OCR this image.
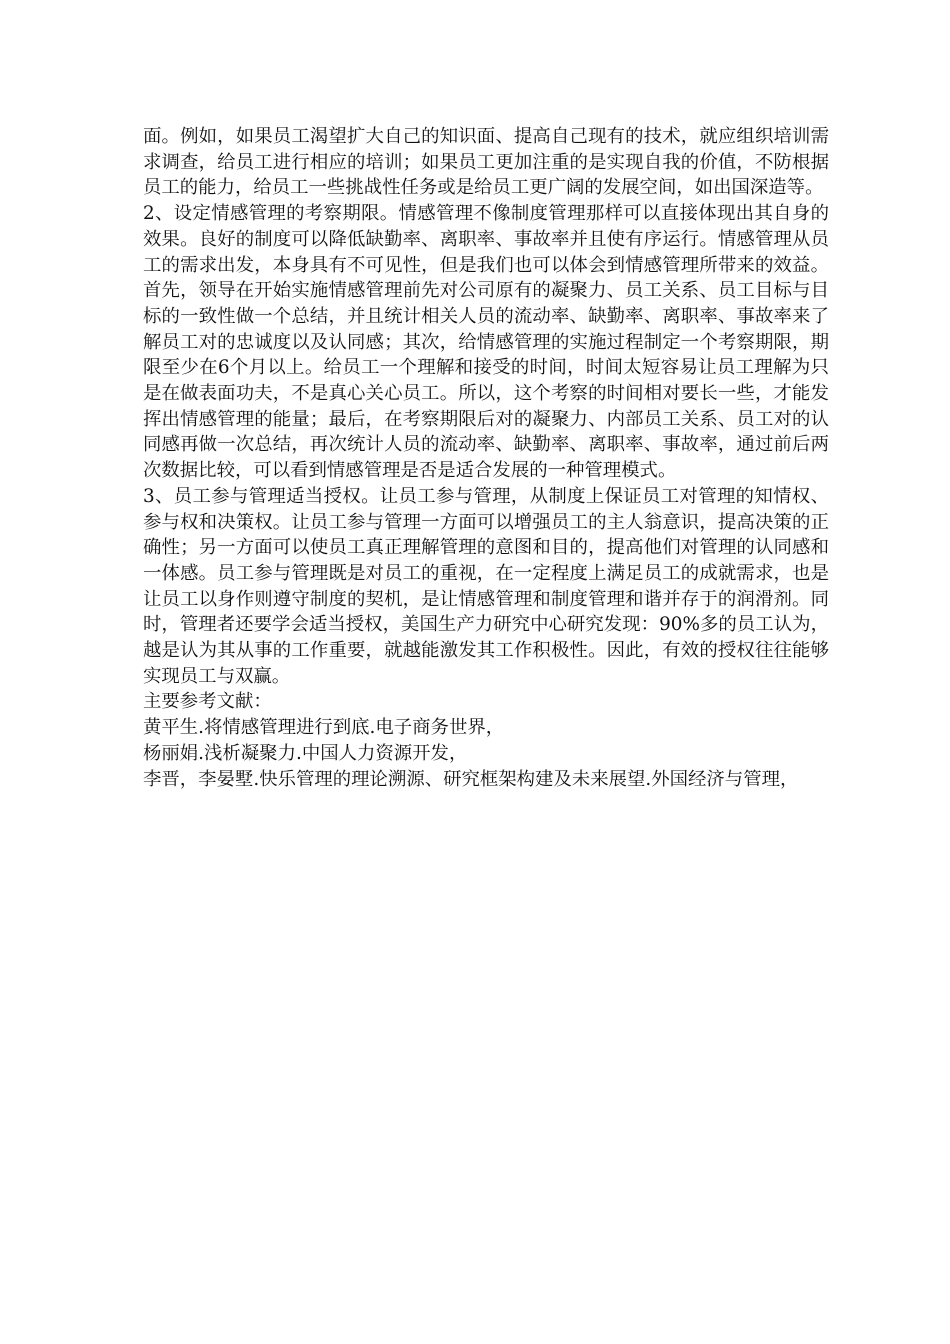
面。例如，如果员工渴望扩大自己的知识面、提高自己现有的技术，就应组织培训需求调查，给员工进行相应的培训；如果员工更加注重的是实现自我的价值，不防根据员工的能力，给员工一些挑战性任务或是给员工更广阔的发展空间，如出国深造等。

2、设定情感管理的考察期限。情感管理不像制度管理那样可以直接体现出其自身的效果。良好的制度可以降低缺勤率、离职率、事故率并且使有序运行。情感管理从员工的需求出发，本身具有不可见性，但是我们也可以体会到情感管理所带来的效益。首先，领导在开始实施情感管理前先对公司原有的凝聚力、员工关系、员工目标与目标的一致性做一个总结，并且统计相关人员的流动率、缺勤率、离职率、事故率来了解员工对的忠诚度以及认同感；其次，给情感管理的实施过程制定一个考察期限，期限至少在6个月以上。给员工一个理解和接受的时间，时间太短容易让员工理解为只是在做表面功夫，不是真心关心员工。所以，这个考察的时间相对要长一些，才能发挥出情感管理的能量；最后，在考察期限后对的凝聚力、内部员工关系、员工对的认同感再做一次总结，再次统计人员的流动率、缺勤率、离职率、事故率，通过前后两次数据比较，可以看到情感管理是否是适合发展的一种管理模式。

3、员工参与管理适当授权。让员工参与管理，从制度上保证员工对管理的知情权、参与权和决策权。让员工参与管理一方面可以增强员工的主人翁意识，提高决策的正确性；另一方面可以使员工真正理解管理的意图和目的，提高他们对管理的认同感和一体感。员工参与管理既是对员工的重视，在一定程度上满足员工的成就需求，也是让员工以身作则遵守制度的契机，是让情感管理和制度管理和谐并存于的润滑剂。同时，管理者还要学会适当授权，美国生产力研究中心研究发现：90%多的员工认为，越是认为其从事的工作重要，就越能激发其工作积极性。因此，有效的授权往往能够实现员工与双赢。

主要参考文献：

黄平生.将情感管理进行到底.电子商务世界，
杨丽娟.浅析凝聚力.中国人力资源开发，
李晋，李晏墅.快乐管理的理论溯源、研究框架构建及未来展望.外国经济与管理，
